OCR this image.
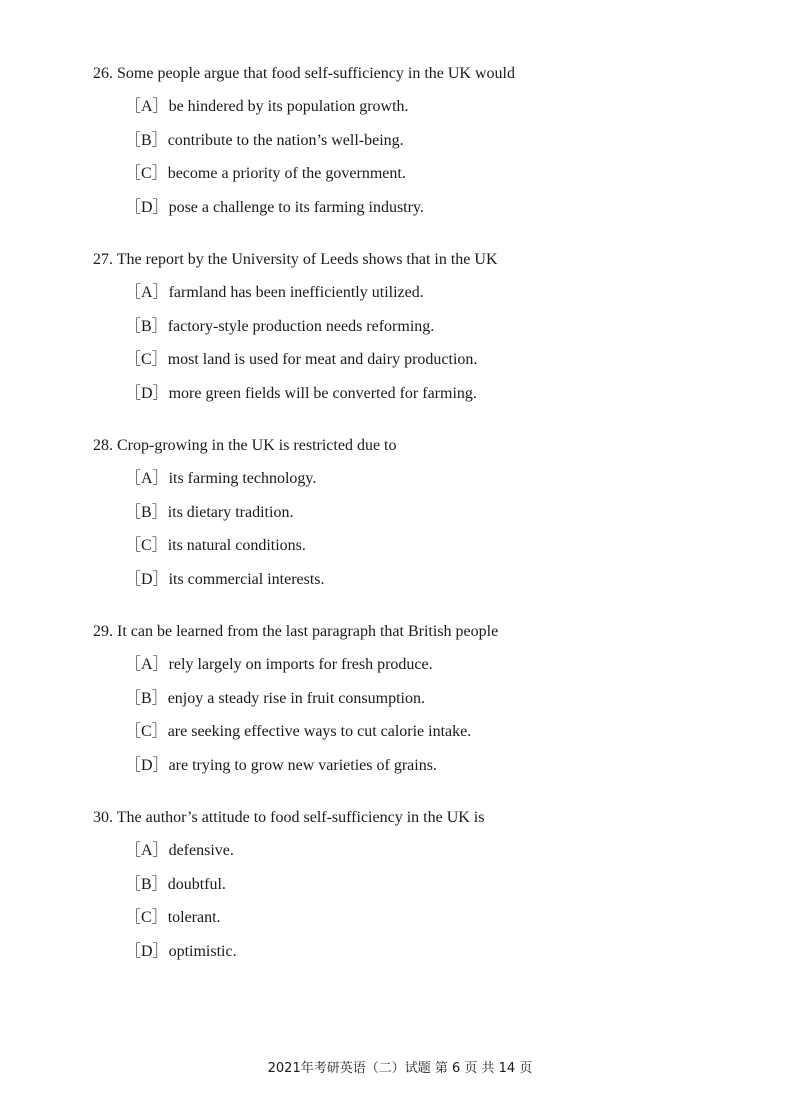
26. Some people argue that food self-sufficiency in the UK would
［A］be hindered by its population growth.
［B］contribute to the nation’s well-being.
［C］become a priority of the government.
［D］pose a challenge to its farming industry.
27. The report by the University of Leeds shows that in the UK
［A］farmland has been inefficiently utilized.
［B］factory-style production needs reforming.
［C］most land is used for meat and dairy production.
［D］more green fields will be converted for farming.
28. Crop-growing in the UK is restricted due to
［A］its farming technology.
［B］its dietary tradition.
［C］its natural conditions.
［D］its commercial interests.
29. It can be learned from the last paragraph that British people
［A］rely largely on imports for fresh produce.
［B］enjoy a steady rise in fruit consumption.
［C］are seeking effective ways to cut calorie intake.
［D］are trying to grow new varieties of grains.
30. The author’s attitude to food self-sufficiency in the UK is
［A］defensive.
［B］doubtful.
［C］tolerant.
［D］optimistic.
2021年考研英语（二）试题 第 6 页 共 14 页
